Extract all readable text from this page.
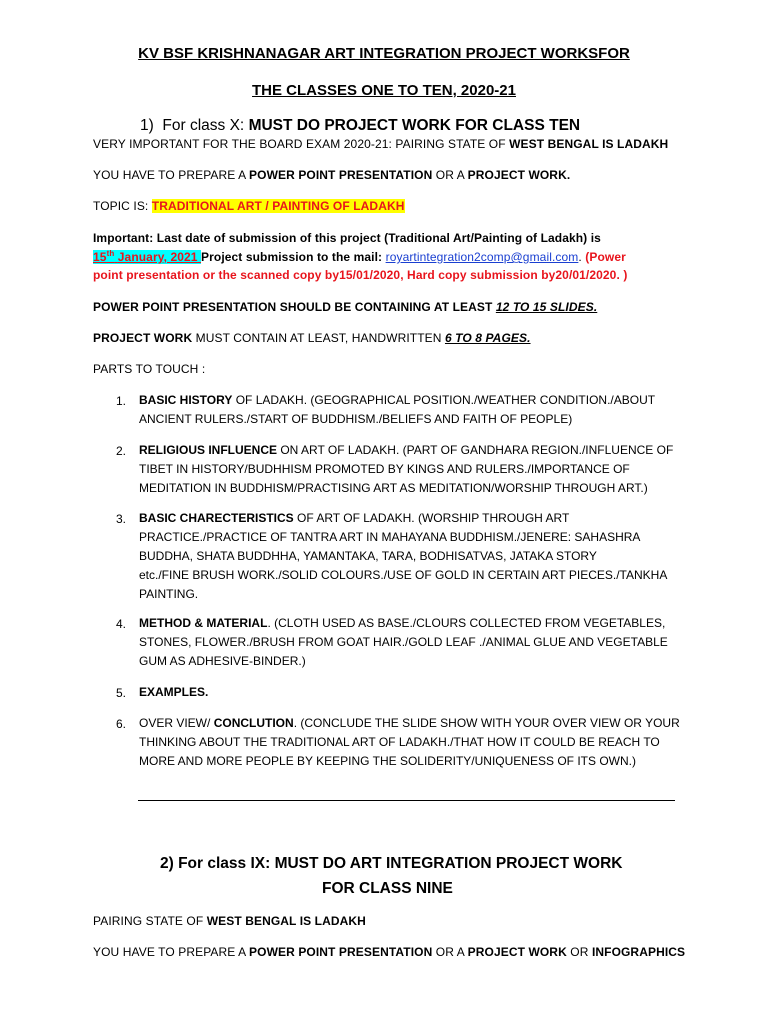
KV BSF KRISHNANAGAR ART INTEGRATION PROJECT WORKSFOR
THE CLASSES ONE TO TEN, 2020-21
1) For class X: MUST DO PROJECT WORK FOR CLASS TEN
VERY IMPORTANT FOR THE BOARD EXAM 2020-21: PAIRING STATE OF WEST BENGAL IS LADAKH
YOU HAVE TO PREPARE A POWER POINT PRESENTATION OR A PROJECT WORK.
TOPIC IS: TRADITIONAL ART / PAINTING OF LADAKH
Important: Last date of submission of this project (Traditional Art/Painting of Ladakh) is
15th January, 2021 Project submission to the mail: royartintegration2comp@gmail.com. (Power
point presentation or the scanned copy by15/01/2020, Hard copy submission by20/01/2020. )
POWER POINT PRESENTATION SHOULD BE CONTAINING AT LEAST 12 TO 15 SLIDES.
PROJECT WORK MUST CONTAIN AT LEAST, HANDWRITTEN 6 TO 8 PAGES.
PARTS TO TOUCH :
1. BASIC HISTORY OF LADAKH. (GEOGRAPHICAL POSITION./WEATHER CONDITION./ABOUT
ANCIENT RULERS./START OF BUDDHISM./BELIEFS AND FAITH OF PEOPLE)
2. RELIGIOUS INFLUENCE ON ART OF LADAKH. (PART OF GANDHARA REGION./INFLUENCE OF
TIBET IN HISTORY/BUDHHISM PROMOTED BY KINGS AND RULERS./IMPORTANCE OF
MEDITATION IN BUDDHISM/PRACTISING ART AS MEDITATION/WORSHIP THROUGH ART.)
3. BASIC CHARECTERISTICS OF ART OF LADAKH. (WORSHIP THROUGH ART
PRACTICE./PRACTICE OF TANTRA ART IN MAHAYANA BUDDHISM./JENERE: SAHASHRA
BUDDHA, SHATA BUDDHHA, YAMANTAKA, TARA, BODHISATVAS, JATAKA STORY
etc./FINE BRUSH WORK./SOLID COLOURS./USE OF GOLD IN CERTAIN ART PIECES./TANKHA
PAINTING.
4. METHOD & MATERIAL. (CLOTH USED AS BASE./CLOURS COLLECTED FROM VEGETABLES,
STONES, FLOWER./BRUSH FROM GOAT HAIR./GOLD LEAF ./ANIMAL GLUE AND VEGETABLE
GUM AS ADHESIVE-BINDER.)
5. EXAMPLES.
6. OVER VIEW/ CONCLUTION. (CONCLUDE THE SLIDE SHOW WITH YOUR OVER VIEW OR YOUR
THINKING ABOUT THE TRADITIONAL ART OF LADAKH./THAT HOW IT COULD BE REACH TO
MORE AND MORE PEOPLE BY KEEPING THE SOLIDERITY/UNIQUENESS OF ITS OWN.)
2) For class IX: MUST DO ART INTEGRATION PROJECT WORK
FOR CLASS NINE
PAIRING STATE OF WEST BENGAL IS LADAKH
YOU HAVE TO PREPARE A POWER POINT PRESENTATION OR A PROJECT WORK OR INFOGRAPHICS
